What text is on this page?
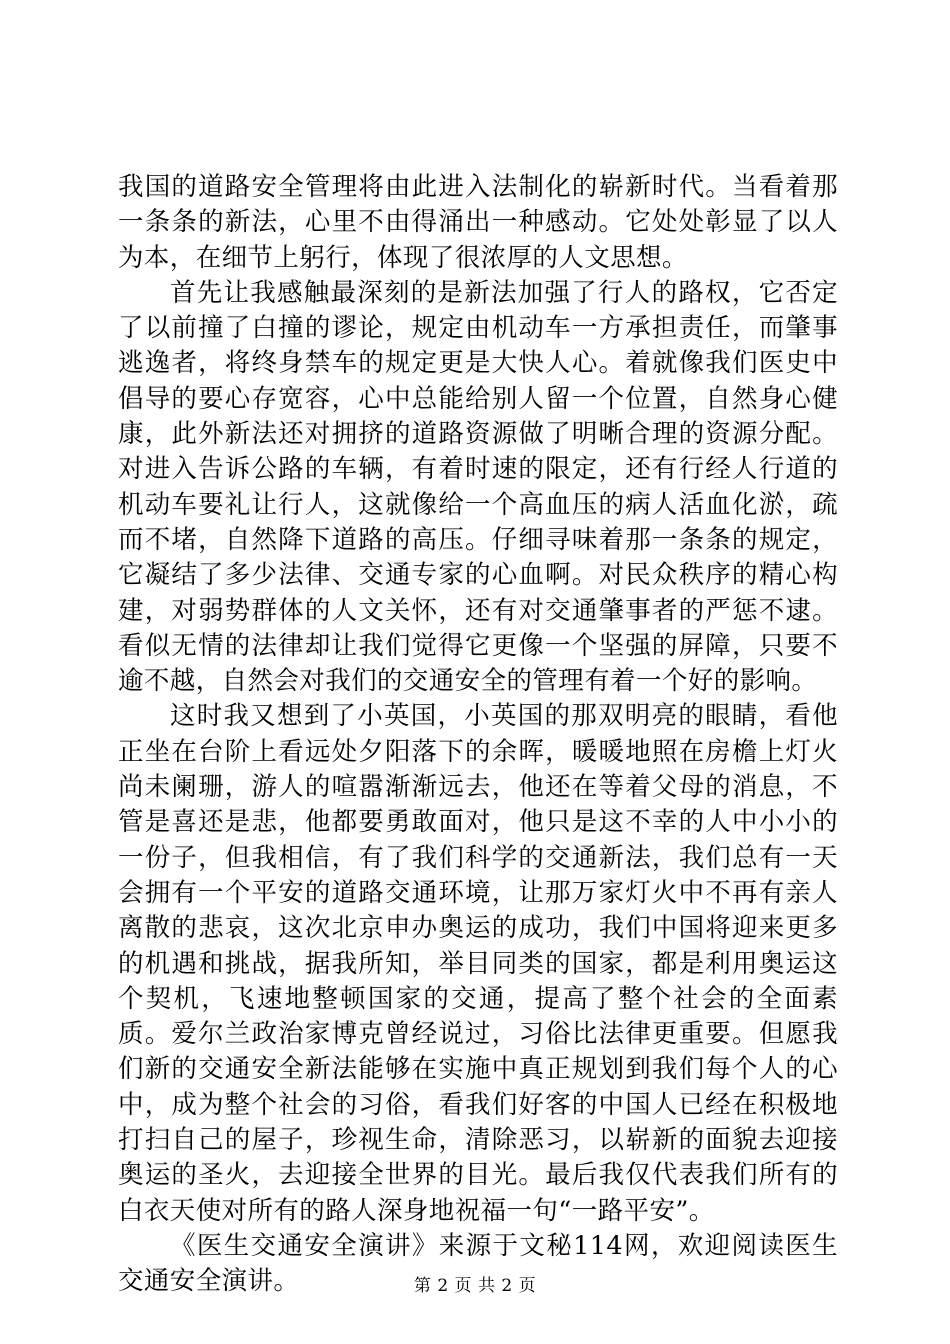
我国的道路安全管理将由此进入法制化的崭新时代。当看着那一条条的新法，心里不由得涌出一种感动。它处处彰显了以人为本，在细节上躬行，体现了很浓厚的人文思想。

首先让我感触最深刻的是新法加强了行人的路权，它否定了以前撞了白撞的谬论，规定由机动车一方承担责任，而肇事逃逸者，将终身禁车的规定更是大快人心。着就像我们医史中倡导的要心存宽容，心中总能给别人留一个位置，自然身心健康，此外新法还对拥挤的道路资源做了明晰合理的资源分配。对进入告诉公路的车辆，有着时速的限定，还有行经人行道的机动车要礼让行人，这就像给一个高血压的病人活血化淤，疏而不堵，自然降下道路的高压。仔细寻味着那一条条的规定，它凝结了多少法律、交通专家的心血啊。对民众秩序的精心构建，对弱势群体的人文关怀，还有对交通肇事者的严惩不逮。看似无情的法律却让我们觉得它更像一个坚强的屏障，只要不逾不越，自然会对我们的交通安全的管理有着一个好的影响。

这时我又想到了小英国，小英国的那双明亮的眼睛，看他正坐在台阶上看远处夕阳落下的余晖，暖暖地照在房檐上灯火尚未阑珊，游人的喧嚣渐渐远去，他还在等着父母的消息，不管是喜还是悲，他都要勇敢面对，他只是这不幸的人中小小的一份子，但我相信，有了我们科学的交通新法，我们总有一天会拥有一个平安的道路交通环境，让那万家灯火中不再有亲人离散的悲哀，这次北京申办奥运的成功，我们中国将迎来更多的机遇和挑战，据我所知，举目同类的国家，都是利用奥运这个契机，飞速地整顿国家的交通，提高了整个社会的全面素质。爱尔兰政治家博克曾经说过，习俗比法律更重要。但愿我们新的交通安全新法能够在实施中真正规划到我们每个人的心中，成为整个社会的习俗，看我们好客的中国人已经在积极地打扫自己的屋子，珍视生命，清除恶习，以崭新的面貌去迎接奥运的圣火，去迎接全世界的目光。最后我仅代表我们所有的白衣天使对所有的路人深身地祝福一句“一路平安”。

《医生交通安全演讲》来源于文秘114网，欢迎阅读医生交通安全演讲。	第 2 页 共 2 页
